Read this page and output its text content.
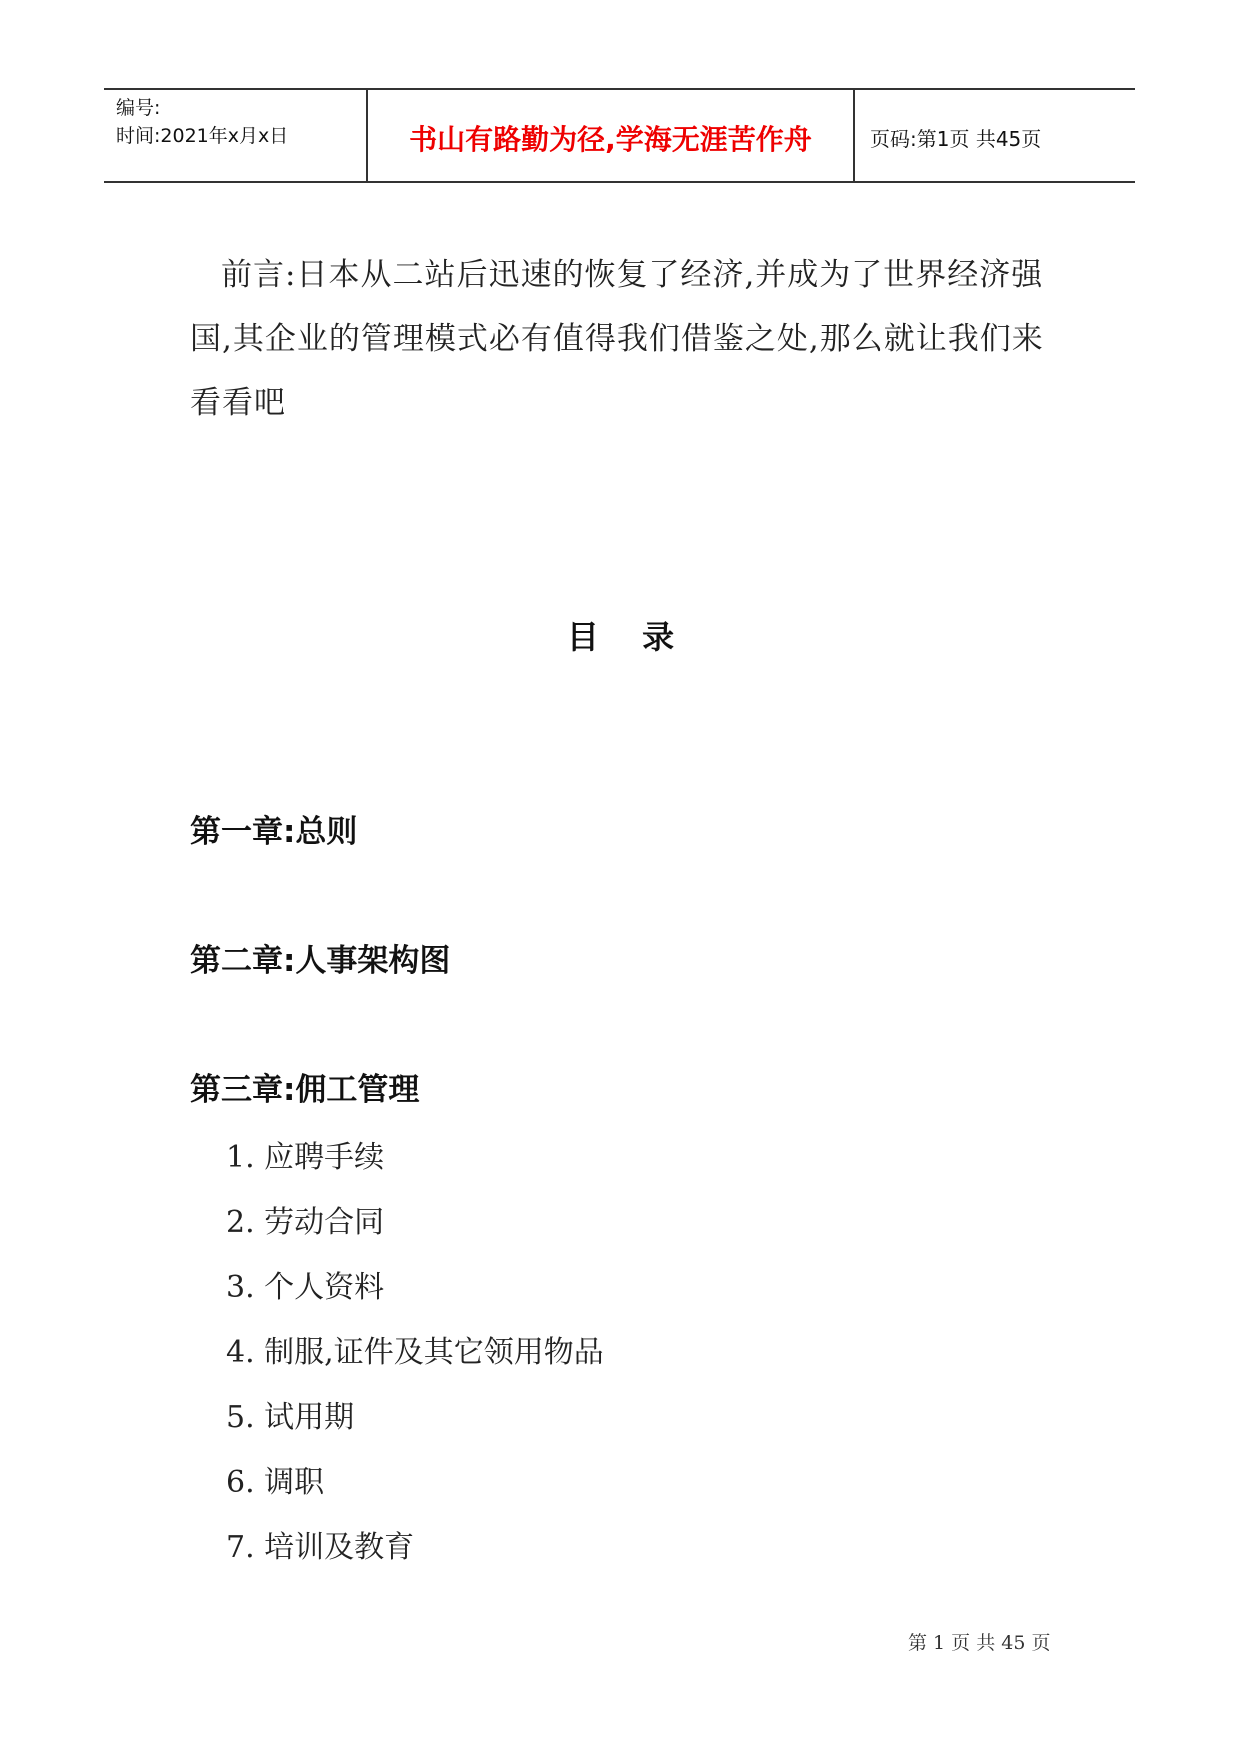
编号:
时间:2021年x月x日	书山有路勤为径,学海无涯苦作舟	页码:第1页 共45页

前言:日本从二站后迅速的恢复了经济,并成为了世界经济强国,其企业的管理模式必有值得我们借鉴之处,那么就让我们来看看吧

目 录
第一章:总则
第二章:人事架构图
第三章:佣工管理
1. 应聘手续
2. 劳动合同
3. 个人资料
4. 制服,证件及其它领用物品
5. 试用期
6. 调职
7. 培训及教育
第 1 页 共 45 页
